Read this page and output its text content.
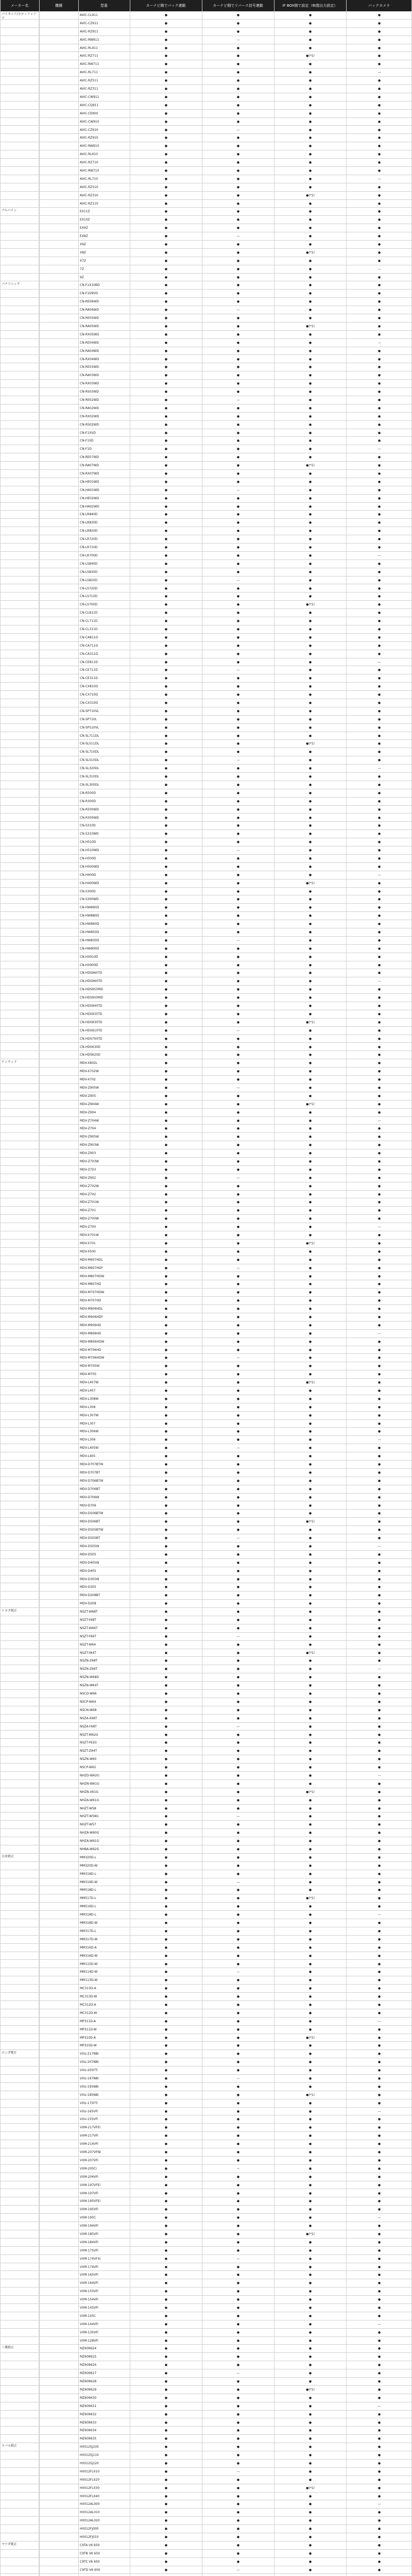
メーカー名	機種	型番	カーナビ側でバック連動	カーナビ側でリバース信号連動	IF BOX側で設定（映像出力設定）	バックカメラ
パイオニア/カロッツェリア
AVIC-CL911	●	●	●	●
AVIC-CZ911	●	●	●	●
AVIC-RZ911	●	●	●	●
AVIC-RW911	●	—	●	●
AVIC-RL911	●	●	●	●
AVIC-RZ711	●	●	●(*1)	●
AVIC-RW711	●	●	●	●
AVIC-RL711	●	●	●	—
AVIC-RZ511	●	●	●	●
AVIC-RZ311	●	●	●	●
AVIC-CW911	●	●	●	●
AVIC-CQ911	●	●	●	●
AVIC-CE900	●	●	●	●
AVIC-CW910	●	●	●	●
AVIC-CZ910	●	—	●	●
AVIC-RZ910	●	●	●	●
AVIC-RW910	●	●	●	●
AVIC-RL910	●	●	●	●
AVIC-RZ710	●	●	●	●
AVIC-RW710	●	●	●	●
AVIC-RL710	●	●	●	—
AVIC-RZ510	●	●	●	●
AVIC-RZ310	●	●	●(*1)	●
AVIC-RZ110	●	●	●	●
アルパイン	EX11Z	●	●	●	●
EX10Z	●	●	●	●
EX9Z	●	●	●	●
EX8Z	●	—	●	●
X9Z	●	●	●	●
X8Z	●	●	●(*1)	●
X7Z	●	●	●	●
7Z	●	●	●	—
9Z	●	●	●	●
パナソニック	CN-F1X10BD	●	●	●	●
CN-F1D9VD	●	●	●	●
CN-RE06WD	●	●	●	●
CN-RA06WD	●	—	●	●
CN-RE05WD	●	●	●	●
CN-RA05WD	●	●	●(*1)	●
CN-RX05WD	●	●	●	●
CN-RE04WD	●	●	●	—
CN-RA04WD	●	●	●	●
CN-RX04WD	●	●	●	●
CN-RE03WD	●	●	●	●
CN-RA03WD	●	●	●	●
CN-RX03WD	●	●	●	●
CN-RS03WD	●	●	●	●
CN-RE02WD	●	—	●	●
CN-RA02WD	●	●	●	●
CN-RX02WD	●	●	●	●
CN-RS02WD	●	●	●	●
CN-F1XVD	●	●	●	●
CN-F1SD	●	●	●	●
CN-F1D	●	●	●	—
CN-RE07WD	●	●	●	●
CN-RA07WD	●	●	●(*1)	●
CN-RX07WD	●	●	●	●
CN-HE01WD	●	●	●	●
CN-HA01WD	●	—	●	●
CN-HE02WD	●	●	●	●
CN-HA02WD	●	●	●	●
CN-LR840D	●	●	●	●
CN-LR830D	●	●	●	●
CN-LR820D	●	●	●	●
CN-LR720D	●	●	●	●
CN-LR710D	●	●	●	●
CN-LR700D	●	●	●	—
CN-LS840D	●	●	●	●
CN-LS830D	●	●	●	●
CN-LS820D	●	—	●	●
CN-LS720D	●	●	●	●
CN-LS710D	●	●	●	●
CN-LS700D	●	●	●(*1)	●
CN-CL811D	●	●	●	●
CN-CL711D	●	●	●	●
CN-CL311D	●	●	●	●
CN-CA811D	●	●	●	●
CN-CA711D	●	●	●	●
CN-CA311D	●	●	●	●
CN-CE811D	●	●	●	—
CN-CE711D	●	—	●	●
CN-CE311D	●	●	●	●
CN-CX810D	●	●	●	●
CN-CX710D	●	●	●	●
CN-CX310D	●	●	●	●
CN-SP710VL	●	●	●	●
CN-SP710L	●	●	●	●
CN-SP510VL	●	●	●	●
CN-SL711DL	●	●	●	●
CN-SL511DL	●	●	●(*1)	●
CN-SL710DL	●	●	●	●
CN-SL510DL	●	—	●	●
CN-SL320DL	●	●	●	—
CN-SL310DL	●	●	●	●
CN-SL300DL	●	●	●	●
CN-R500D	●	●	●	●
CN-R300D	●	●	●	●
CN-R500WD	●	●	●	●
CN-R300WD	●	●	●	●
CN-S310D	●	●	●	●
CN-S310WD	●	●	●	●
CN-H510D	●	●	●	●
CN-H510WD	●	—	●	●
CN-H500D	●	●	●	●
CN-H500WD	●	●	●	●
CN-H400D	●	●	●	—
CN-H400WD	●	●	●(*1)	●
CN-S300D	●	●	●	●
CN-S300WD	●	●	●	●
CN-HW890D	●	●	●	●
CN-HW880D	●	●	●	●
CN-HW860D	●	●	●	●
CN-HW850D	●	●	●	●
CN-HW830D	●	—	●	●
CN-HW800D	●	●	●	●
CN-HX910D	●	●	●	●
CN-HX900D	●	●	●	●
CN-HDS965TD	●	●	●	●
CN-HDS960TD	●	●	●	—
CN-HDS955MD	●	●	●	●
CN-HDS950MD	●	●	●	●
CN-HDS940TD	●	●	●	●
CN-HDS935TD	●	●	●	●
CN-HDS930TD	●	●	●(*1)	●
CN-HDS910TD	●	—	●	●
CN-HDS700TD	●	●	●	●
CN-HDS630D	●	●	●	●
CN-HDS620D	●	●	●	●
ケンウッド	MDV-X802L	●	●	●	●
MDV-X702W	●	●	●	●
MDV-X702	●	●	●	●
MDV-Z905W	●	—	●	●
MDV-Z905	●	●	●	●
MDV-Z904W	●	●	●(*1)	●
MDV-Z904	●	●	●	●
MDV-Z704W	●	●	●	—
MDV-Z704	●	●	●	●
MDV-Z905W	●	●	●	●
MDV-Z903W	●	●	●	●
MDV-Z903	●	●	●	●
MDV-Z703W	●	●	●	●
MDV-Z703	●	●	●	●
MDV-Z902	●	—	●	●
MDV-Z702W	●	●	●	●
MDV-Z702	●	●	●	●
MDV-Z701W	●	●	●	●
MDV-Z701	●	●	●	●
MDV-Z700W	●	●	●	●
MDV-Z700	●	●	●	—
MDV-X701W	●	●	●	●
MDV-X701	●	●	●(*1)	●
MDV-X500	●	●	●	●
MDV-M907HDL	●	●	●	●
MDV-M907HDF	●	—	●	●
MDV-M807HDW	●	●	●	●
MDV-M807HD	●	●	●	●
MDV-M707HDW	●	●	●	●
MDV-M707HD	●	●	●	●
MDV-M906HDL	●	●	●	●
MDV-M906HDF	●	●	●	●
MDV-M906HD	●	●	●	●
MDV-M806HD	●	●	●	—
MDV-M806HDW	●	●	●	●
MDV-M706HD	●	●	●	●
MDV-M706HDW	●	—	●	●
MDV-M705W	●	●	●	●
MDV-M705	●	●	●	●
MDV-L407W	●	●	●(*1)	●
MDV-L407	●	●	●	●
MDV-L308W	●	●	●	●
MDV-L308	●	●	●	●
MDV-L307W	●	●	●	●
MDV-L307	●	●	●	●
MDV-L306W	●	●	●	●
MDV-L306	●	●	●	—
MDV-L405W	●	—	●	●
MDV-L405	●	●	●	●
MDV-D707BTW	●	●	●	●
MDV-D707BT	●	●	●	●
MDV-D706BTW	●	●	●	●
MDV-D706BT	●	●	●	●
MDV-D706W	●	●	●	●
MDV-D706	●	●	●	●
MDV-D506BTW	●	●	●	●
MDV-D506BT	●	●	●(*1)	●
MDV-D505BTW	●	●	●	●
MDV-D505BT	●	—	●	●
MDV-D505W	●	●	●	—
MDV-D505	●	●	●	●
MDV-D405W	●	●	●	●
MDV-D405	●	●	●	●
MDV-D305W	●	●	●	●
MDV-D305	●	●	●	●
MDV-D208BT	●	●	●	●
MDV-D208	●	●	●	●
トヨタ純正	NSZT-W68T	●	●	●	●
NSZT-Y68T	●	●	●	●
NSZT-W66T	●	●	●	●
NSZT-Y66T	●	—	●	●
NSZT-W64	●	●	●	●
NSZT-YA4T	●	●	●(*1)	●
NSZN-Z68T	●	●	●	●
NSZN-Z66T	●	●	●	—
NSZN-W68D	●	●	●	●
NSZN-W64T	●	●	●	●
NSCD-W66	●	●	●	●
NSCP-W64	●	●	●	●
NSCN-W68	●	●	●	●
NSZA-X68T	●	●	●	●
NSZA-Y68T	●	—	●	●
NSZT-W62G	●	●	●	●
NSZT-Y62G	●	●	●	●
NSZT-ZA4T	●	●	●	●
NSZN-W60	●	●	●	●
NSCP-W62	●	●	●	●
NHZD-W62G	●	●	●	—
NHZN-W61G	●	●	●	●
NHZN-X61G	●	●	●(*1)	●
NHZA-W61G	●	●	●	●
NHZT-W58	●	●	●	●
NHZT-W58G	●	—	●	●
NHZT-W57	●	●	●	●
NHZA-W60G	●	●	●	●
NHZA-W61G	●	●	●	●
NHBA-W62G	●	●	●	●
日産純正	MM320D-L	●	●	●	●
MM320D-W	●	●	●	●
MM319D-L	●	●	●	●
MM319D-W	●	—	●	●
MM518D-L	●	●	●	●
MM517D-L	●	●	●(*1)	●
MM516D-L	●	●	●	●
MM318D-L	●	●	●	—
MM318D-W	●	●	●	●
MM317D-L	●	●	●	●
MM317D-W	●	●	●	●
MM316D-A	●	●	●	●
MM316D-W	●	●	●	●
MM115D-W	●	●	●	●
MM114D-W	●	—	●	●
MM113D-W	●	●	●	●
MC313D-A	●	●	●	●
MC313D-W	●	●	●	●
MC312D-A	●	●	●	●
MC312D-W	●	●	●	●
MP311D-A	●	●	●	—
MP311D-W	●	●	●	●
MP310D-A	●	●	●(*1)	●
MP310D-W	●	●	●	●
ホンダ純正	VXU-217NBI	●	●	●	●
VXU-207NBI	●	●	●	●
VXU-205FTi	●	●	●	●
VXU-197NBI	●	—	●	●
VXU-195NBi	●	●	●	●
VXU-185NBi	●	●	●(*1)	●
VXU-175FTi	●	●	●	●
VXU-165VFi	●	●	●	—
VXU-155VFi	●	●	●	●
VXM-217VFEi	●	●	●	●
VXM-217VFi	●	●	●	●
VXM-214VFi	●	●	●	●
VXM-207VFNi	●	●	●	●
VXM-207VFi	●	●	●	●
VXM-205Ci	●	—	●	●
VXM-204VFi	●	●	●	●
VXM-197VFEi	●	●	●	●
VXM-197VFi	●	●	●	●
VXM-195VFEi	●	●	●	●
VXM-195VFi	●	●	●	●
VXM-195C	●	●	●	—
VXM-194VFi	●	●	●	●
VXM-185VFi	●	●	●(*1)	●
VXM-184VFi	●	●	●	●
VXM-175VFi	●	●	●	●
VXM-174VFXi	●	—	●	●
VXM-174VFi	●	●	●	●
VXM-165VFi	●	●	●	●
VXM-164VFi	●	●	●	●
VXM-155VFi	●	●	●	●
VXM-154VFi	●	●	●	●
VXM-145VFi	●	●	●	●
VXM-145C	●	●	●	●
VXM-144VFi	●	●	●	—
VXM-135VFi	●	●	●	●
VXM-128VFi	●	●	●	●
三菱純正	MZ609624	●	●	●	●
MZ609625	●	●	●	●
MZ609626	●	●	●	●
MZ609627	●	—	●	●
MZ609628	●	●	●	●
MZ609629	●	●	●(*1)	●
MZ609630	●	●	●	●
MZ609631	●	●	●	—
MZ609632	●	●	●	●
MZ609633	●	●	●	●
MZ609634	●	●	●	●
MZ609635	●	●	●	●
スバル純正	H0012SJ100	●	●	●	●
H0012SJ110	●	●	●	●
H0012SJ120	●	●	●	●
H0012FL010	●	—	●	●
H0012FL020	●	●	●	●
H0012FL030	●	●	●(*1)	●
H0012FL040	●	●	●	●
H0012AL000	●	●	●	—
H0012AL010	●	●	●	●
H0012AL020	●	●	●	●
H0012FJ000	●	●	●	●
H0012FJ010	●	●	●	●
マツダ純正	C9TA V6 650	●	●	●	●
C9TB V6 650	●	●	●	●
C9TC V6 650	●	●	●	●
C9TD V6 650	●	—	●	●
